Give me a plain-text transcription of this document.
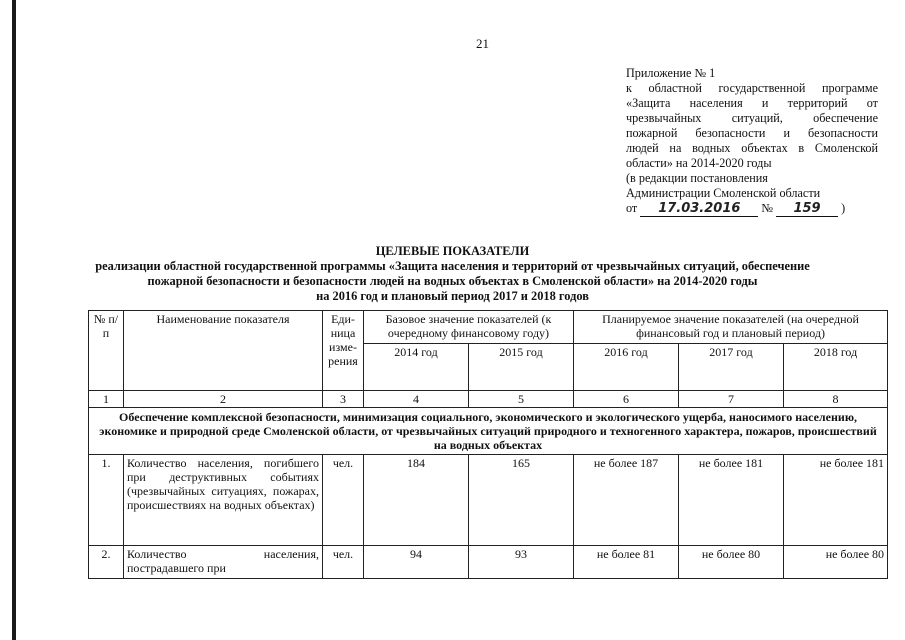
21
Приложение № 1
к областной государственной программе
«Защита населения и территорий от
чрезвычайных ситуаций, обеспечение
пожарной безопасности и безопасности
людей на водных объектах в Смоленской
области» на 2014-2020 годы
(в редакции постановления
Администрации Смоленской области
от 17.03.2016 № 159 )
ЦЕЛЕВЫЕ ПОКАЗАТЕЛИ
реализации областной государственной программы «Защита населения и территорий от чрезвычайных ситуаций, обеспечение
пожарной безопасности и безопасности людей на водных объектах в Смоленской области» на 2014-2020 годы
на 2016 год и плановый период 2017 и 2018 годов
№ п/п	Наименование показателя	Еди-ница изме-рения	Базовое значение показателей (к очередному финансовому году)		Планируемое значение показателей (на очередной финансовый год и плановый период)		
			2014 год	2015 год	2016 год	2017 год	2018 год
1	2	3	4	5	6	7	8
Обеспечение комплексной безопасности, минимизация социального, экономического и экологического ущерба, наносимого населению, экономике и природной среде Смоленской области, от чрезвычайных ситуаций природного и техногенного характера, пожаров, происшествий на водных объектах							
1.	Количество населения, погибшего при деструктивных событиях (чрезвычайных ситуациях, пожарах, происшествиях на водных объектах)	чел.	184	165	не более 187	не более 181	не более 181
2.	Количество населения, пострадавшего при	чел.	94	93	не более 81	не более 80	не более 80
